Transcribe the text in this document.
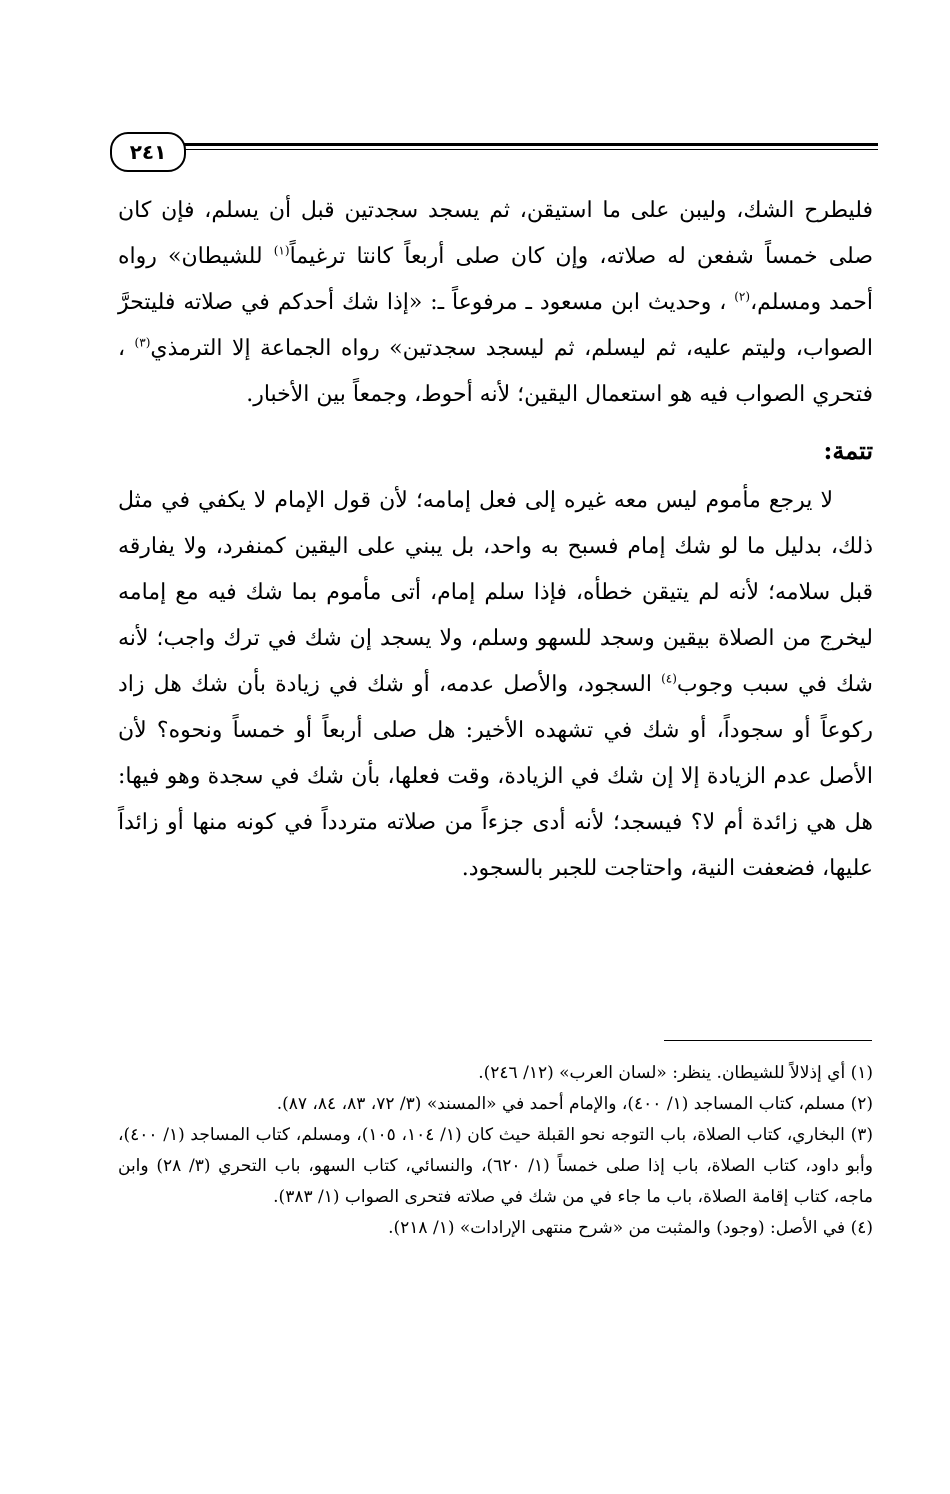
٢٤١

فليطرح الشك، وليبن على ما استيقن، ثم يسجد سجدتين قبل أن يسلم، فإن كان صلى خمساً شفعن له صلاته، وإن كان صلى أربعاً كانتا ترغيماً$^{(١)}$ للشيطان» رواه أحمد ومسلم،$^{(٢)}$ ، وحديث ابن مسعود ـ مرفوعاً ـ: «إذا شك أحدكم في صلاته فليتحرَّ الصواب، وليتم عليه، ثم ليسلم، ثم ليسجد سجدتين» رواه الجماعة إلا الترمذي$^{(٣)}$ ، فتحري الصواب فيه هو استعمال اليقين؛ لأنه أحوط، وجمعاً بين الأخبار.

تتمة:

لا يرجع مأموم ليس معه غيره إلى فعل إمامه؛ لأن قول الإمام لا يكفي في مثل ذلك، بدليل ما لو شك إمام فسبح به واحد، بل يبني على اليقين كمنفرد، ولا يفارقه قبل سلامه؛ لأنه لم يتيقن خطأه، فإذا سلم إمام، أتى مأموم بما شك فيه مع إمامه ليخرج من الصلاة بيقين وسجد للسهو وسلم، ولا يسجد إن شك في ترك واجب؛ لأنه شك في سبب وجوب$^{(٤)}$ السجود، والأصل عدمه، أو شك في زيادة بأن شك هل زاد ركوعاً أو سجوداً، أو شك في تشهده الأخير: هل صلى أربعاً أو خمساً ونحوه؟ لأن الأصل عدم الزيادة إلا إن شك في الزيادة، وقت فعلها، بأن شك في سجدة وهو فيها: هل هي زائدة أم لا؟ فيسجد؛ لأنه أدى جزءاً من صلاته متردداً في كونه منها أو زائداً عليها، فضعفت النية، واحتاجت للجبر بالسجود.

(١) أي إذلالاً للشيطان. ينظر: «لسان العرب» (١٢/ ٢٤٦).

(٢) مسلم، كتاب المساجد (١/ ٤٠٠)، والإمام أحمد في «المسند» (٣/ ٧٢، ٨٣، ٨٤، ٨٧).

(٣) البخاري، كتاب الصلاة، باب التوجه نحو القبلة حيث كان (١/ ١٠٤، ١٠٥)، ومسلم، كتاب المساجد (١/ ٤٠٠)، وأبو داود، كتاب الصلاة، باب إذا صلى خمساً (١/ ٦٢٠)، والنسائي، كتاب السهو، باب التحري (٣/ ٢٨) وابن ماجه، كتاب إقامة الصلاة، باب ما جاء في من شك في صلاته فتحرى الصواب (١/ ٣٨٣).

(٤) في الأصل: (وجود) والمثبت من «شرح منتهى الإرادات» (١/ ٢١٨).
